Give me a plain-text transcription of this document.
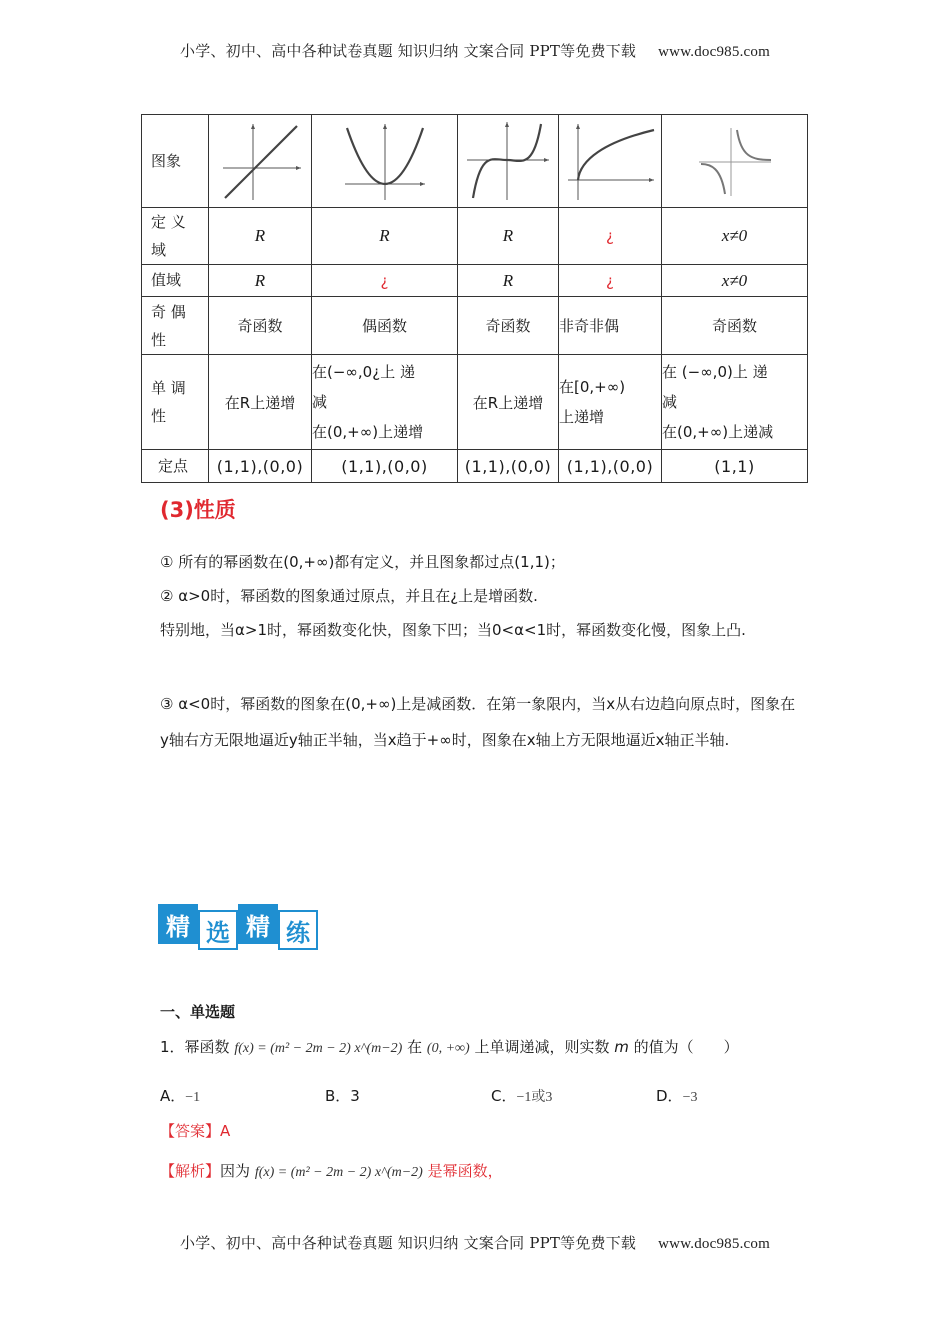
小学、初中、高中各种试卷真题 知识归纳 文案合同 PPT等免费下载 www.doc985.com
图象	

定 义
域	R	R	R	¿	x≠0
值域	R	¿	R	¿	x≠0
奇 偶
性	奇函数	偶函数	奇函数	非奇非偶	奇函数
单 调
性	在R上递增	在(−∞,0¿上 递
减
在(0,+∞)上递增	在R上递增	在[0,+∞)
上递增	在 (−∞,0)上 递
减
在(0,+∞)上递减
定点	(1,1),(0,0)	(1,1),(0,0)	(1,1),(0,0)	(1,1),(0,0)	(1,1)
(3)性质
① 所有的幂函数在(0,+∞)都有定义，并且图象都过点(1,1)；
② α>0时，幂函数的图象通过原点，并且在¿上是增函数.
特别地，当α>1时，幂函数变化快，图象下凹；当0<α<1时，幂函数变化慢，图象上凸.
③ α<0时，幂函数的图象在(0,+∞)上是减函数．在第一象限内，当x从右边趋向原点时，图象在y轴右方无限地逼近y轴正半轴，当x趋于+∞时，图象在x轴上方无限地逼近x轴正半轴.
精 选 精 练
一、单选题
1．幂函数 f(x) = (m² − 2m − 2) x^(m−2) 在 (0, +∞) 上单调递减，则实数 m 的值为（　　）
A．−1	B．3	C．−1或3	D．−3
【答案】A
【解析】因为 f(x) = (m² − 2m − 2) x^(m−2) 是幂函数，
小学、初中、高中各种试卷真题 知识归纳 文案合同 PPT等免费下载 www.doc985.com
